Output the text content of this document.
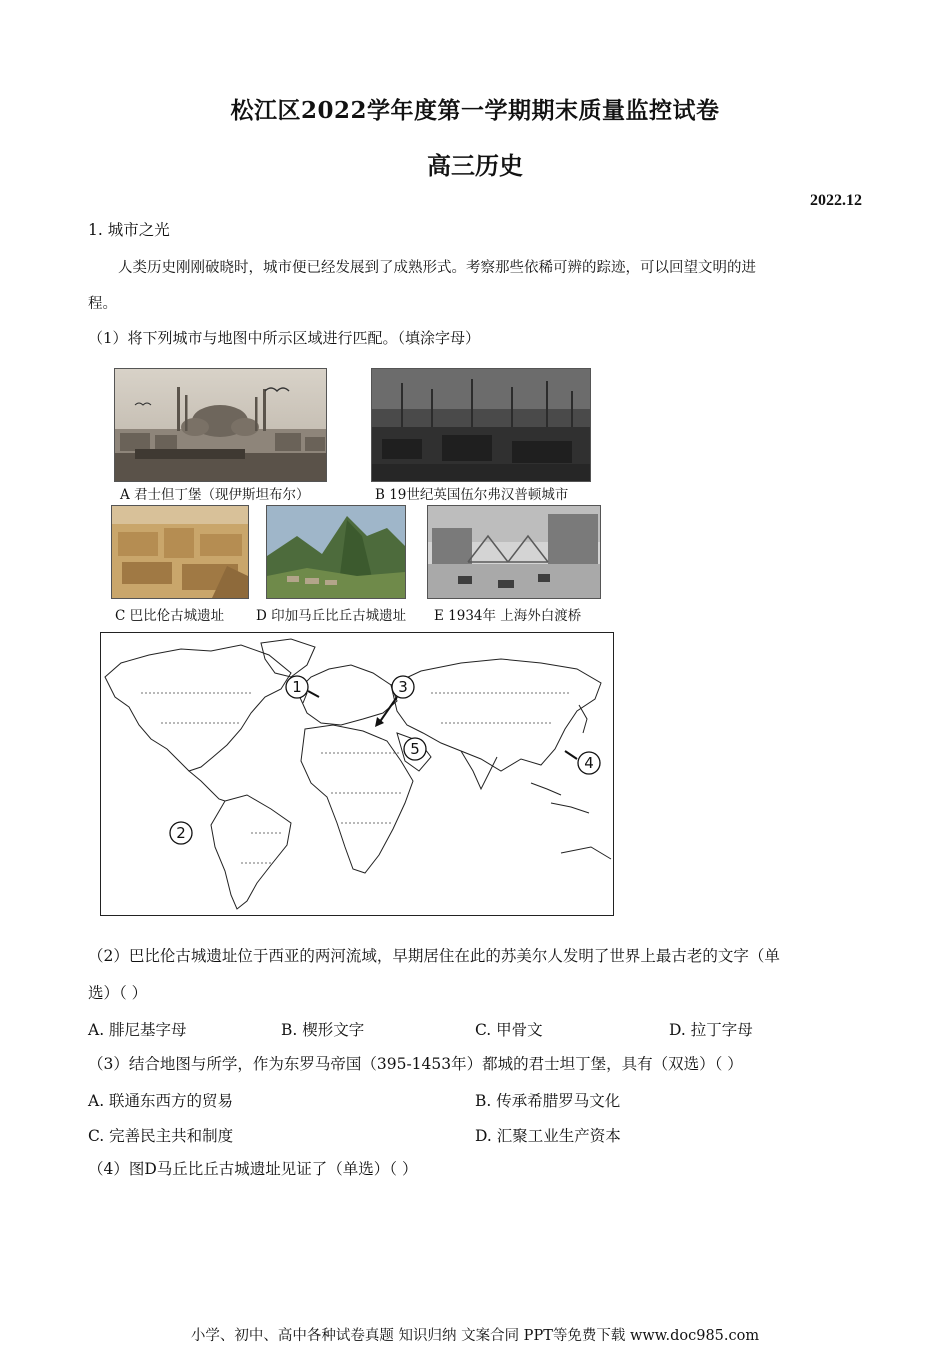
松江区2022学年度第一学期期末质量监控试卷
高三历史
2022.12
1. 城市之光
人类历史刚刚破晓时，城市便已经发展到了成熟形式。考察那些依稀可辨的踪迹，可以回望文明的进
程。
（1）将下列城市与地图中所示区域进行匹配。（填涂字母）
A 君士但丁堡（现伊斯坦布尔）	B 19世纪英国伍尔弗汉普顿城市
C 巴比伦古城遗址 D 印加马丘比丘古城遗址 E 1934年 上海外白渡桥
1
2
3
4
5
（2）巴比伦古城遗址位于西亚的两河流域，早期居住在此的苏美尔人发明了世界上最古老的文字（单
选）（ ）
A. 腓尼基字母	B. 楔形文字	C. 甲骨文	D. 拉丁字母
（3）结合地图与所学，作为东罗马帝国（395-1453年）都城的君士坦丁堡，具有（双选）（ ）
A. 联通东西方的贸易	B. 传承希腊罗马文化
C. 完善民主共和制度	D. 汇聚工业生产资本
（4）图D马丘比丘古城遗址见证了（单选）（ ）
小学、初中、高中各种试卷真题 知识归纳 文案合同 PPT等免费下载 www.doc985.com
